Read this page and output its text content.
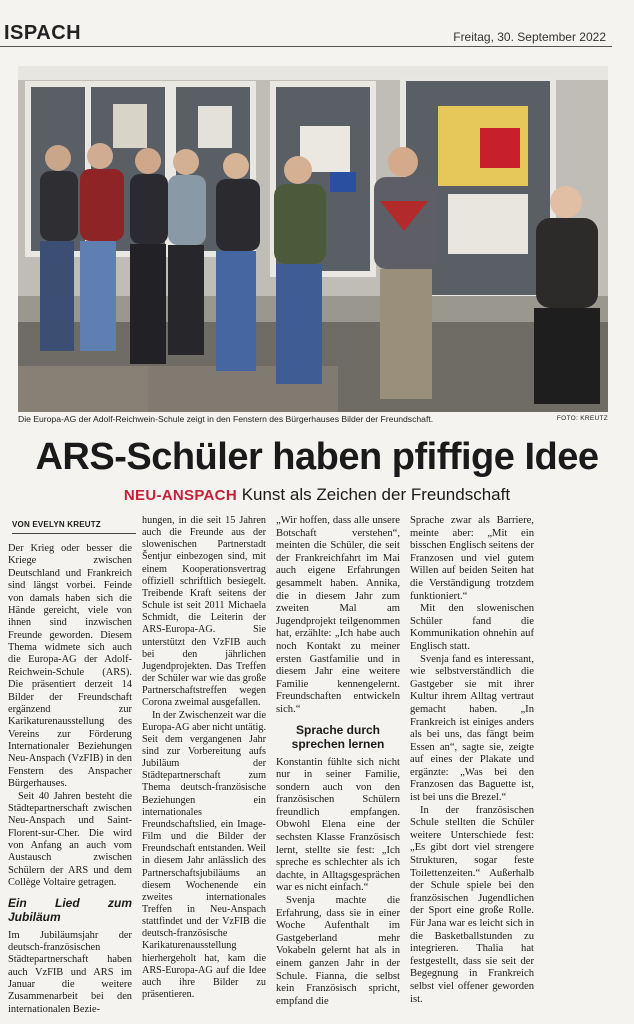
ISPACH	Freitag, 30. September 2022
Die Europa-AG der Adolf-Reichwein-Schule zeigt in den Fenstern des Bürgerhauses Bilder der Freundschaft.	FOTO: KREUTZ
ARS-Schüler haben pfiffige Idee
NEU-ANSPACH Kunst als Zeichen der Freundschaft
VON EVELYN KREUTZ

Der Krieg oder besser die Kriege zwischen Deutschland und Frankreich sind längst vorbei. Feinde von damals haben sich die Hände gereicht, viele von ihnen sind inzwischen Freunde geworden. Diesem Thema widmete sich auch die Europa-AG der Adolf-Reichwein-Schule (ARS). Die präsentiert derzeit 14 Bilder der Freundschaft ergänzend zur Karikaturenausstellung des Vereins zur Förderung Internationaler Beziehungen Neu-Anspach (VzFIB) in den Fenstern des Anspacher Bürgerhauses.

Seit 40 Jahren besteht die Städtepartnerschaft zwischen Neu-Anspach und Saint-Florent-sur-Cher. Die wird von Anfang an auch vom Austausch zwischen Schülern der ARS und dem Collège Voltaire getragen.

Ein Lied zum Jubiläum

Im Jubiläumsjahr der deutsch-französischen Städtepartnerschaft haben auch VzFIB und ARS im Januar die weitere Zusammenarbeit bei den internationalen Bezie-

hungen, in die seit 15 Jahren auch die Freunde aus der slowenischen Partnerstadt Šentjur einbezogen sind, mit einem Kooperationsvertrag offiziell schriftlich besiegelt. Treibende Kraft seitens der Schule ist seit 2011 Michaela Schmidt, die Leiterin der ARS-Europa-AG. Sie unterstützt den VzFIB auch bei den jährlichen Jugendprojekten. Das Treffen der Schüler war wie das große Partnerschaftstreffen wegen Corona zweimal ausgefallen.

In der Zwischenzeit war die Europa-AG aber nicht untätig. Seit dem vergangenen Jahr sind zur Vorbereitung aufs Jubiläum der Städtepartnerschaft zum Thema deutsch-französische Beziehungen ein internationales Freundschaftslied, ein Image-Film und die Bilder der Freundschaft entstanden. Weil in diesem Jahr anlässlich des Partnerschaftsjubiläums an diesem Wochenende ein zweites internationales Treffen in Neu-Anspach stattfindet und der VzFIB die deutsch-französische Karikaturenausstellung hierhergeholt hat, kam die ARS-Europa-AG auf die Idee auch ihre Bilder zu präsentieren.

„Wir hoffen, dass alle unsere Botschaft verstehen“, meinten die Schüler, die seit der Frankreichfahrt im Mai auch eigene Erfahrungen gesammelt haben. Annika, die in diesem Jahr zum zweiten Mal am Jugendprojekt teilgenommen hat, erzählte: „Ich habe auch noch Kontakt zu meiner ersten Gastfamilie und in diesem Jahr eine weitere Familie kennengelernt. Freundschaften entwickeln sich.“

Sprache durch sprechen lernen

Konstantin fühlte sich nicht nur in seiner Familie, sondern auch von den französischen Schülern freundlich empfangen. Obwohl Elena eine der sechsten Klasse Französisch lernt, stellte sie fest: „Ich spreche es schlechter als ich dachte, in Alltagsgesprächen war es nicht einfach.“

Svenja machte die Erfahrung, dass sie in einer Woche Aufenthalt im Gastgeberland mehr Vokabeln gelernt hat als in einem ganzen Jahr in der Schule. Fianna, die selbst kein Französisch spricht, empfand die

Sprache zwar als Barriere, meinte aber: „Mit ein bisschen Englisch seitens der Franzosen und viel gutem Willen auf beiden Seiten hat die Verständigung trotzdem funktioniert.“

Mit den slowenischen Schüler fand die Kommunikation ohnehin auf Englisch statt.

Svenja fand es interessant, wie selbstverständlich die Gastgeber sie mit ihrer Kultur ihrem Alltag vertraut gemacht haben. „In Frankreich ist einiges anders als bei uns, das fängt beim Essen an“, sagte sie, zeigte auf eines der Plakate und ergänzte: „Was bei den Franzosen das Baguette ist, ist bei uns die Brezel.“

In der französischen Schule stellten die Schüler weitere Unterschiede fest: „Es gibt dort viel strengere Strukturen, sogar feste Toilettenzeiten.“ Außerhalb der Schule spiele bei den französischen Jugendlichen der Sport eine große Rolle. Für Jana war es leicht sich in die Basketballstunden zu integrieren. Thalia hat festgestellt, dass sie seit der Begegnung in Frankreich selbst viel offener geworden ist.
